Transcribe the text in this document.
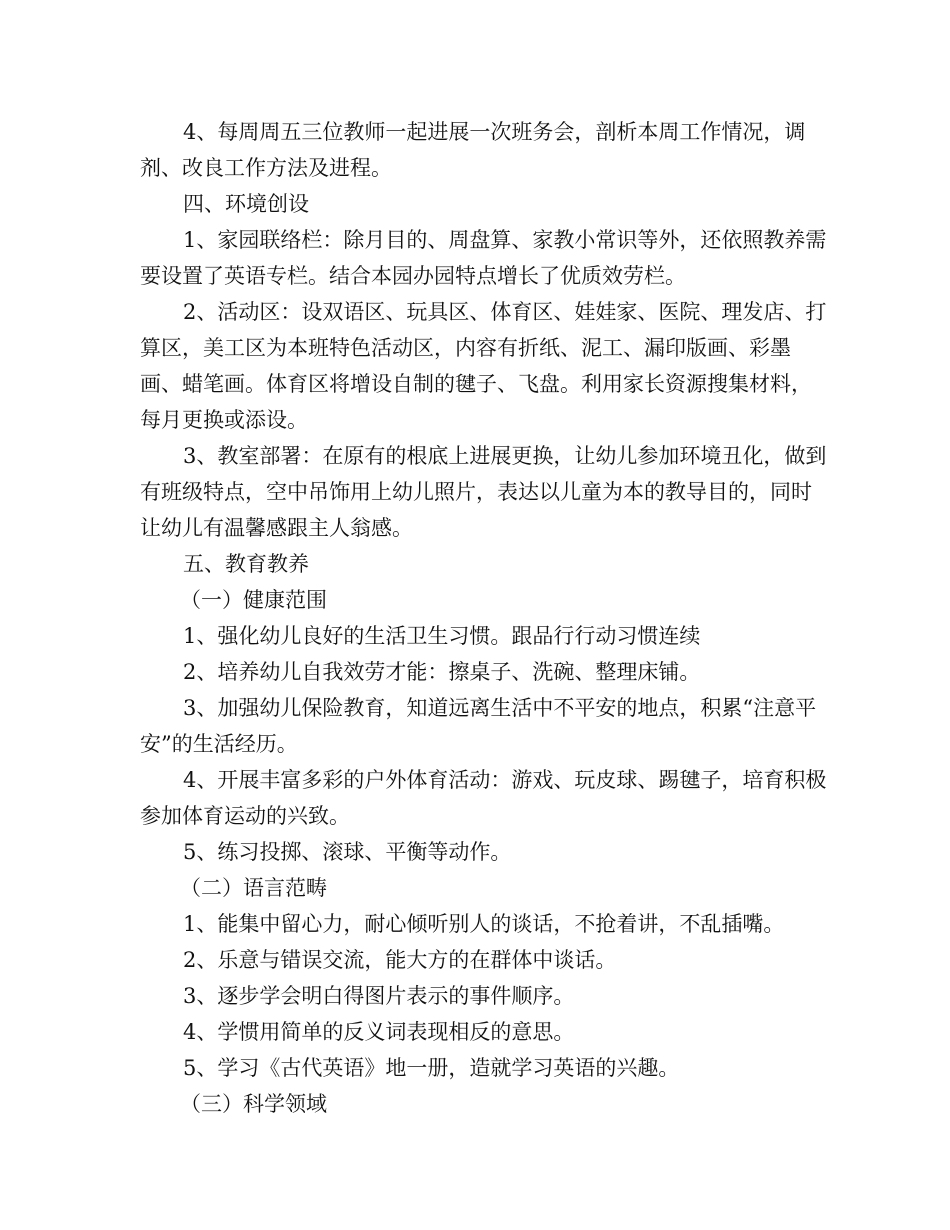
4、每周周五三位教师一起进展一次班务会，剖析本周工作情况，调剂、改良工作方法及进程。

四、环境创设

1、家园联络栏：除月目的、周盘算、家教小常识等外，还依照教养需要设置了英语专栏。结合本园办园特点增长了优质效劳栏。

2、活动区：设双语区、玩具区、体育区、娃娃家、医院、理发店、打算区，美工区为本班特色活动区，内容有折纸、泥工、漏印版画、彩墨画、蜡笔画。体育区将增设自制的毽子、飞盘。利用家长资源搜集材料，每月更换或添设。

3、教室部署：在原有的根底上进展更换，让幼儿参加环境丑化，做到有班级特点，空中吊饰用上幼儿照片，表达以儿童为本的教导目的，同时让幼儿有温馨感跟主人翁感。

五、教育教养

（一）健康范围

1、强化幼儿良好的生活卫生习惯。跟品行行动习惯连续

2、培养幼儿自我效劳才能：擦桌子、洗碗、整理床铺。

3、加强幼儿保险教育，知道远离生活中不平安的地点，积累“注意平安”的生活经历。

4、开展丰富多彩的户外体育活动：游戏、玩皮球、踢毽子，培育积极参加体育运动的兴致。

5、练习投掷、滚球、平衡等动作。

（二）语言范畴

1、能集中留心力，耐心倾听别人的谈话，不抢着讲，不乱插嘴。

2、乐意与错误交流，能大方的在群体中谈话。

3、逐步学会明白得图片表示的事件顺序。

4、学惯用简单的反义词表现相反的意思。

5、学习《古代英语》地一册，造就学习英语的兴趣。

（三）科学领域
